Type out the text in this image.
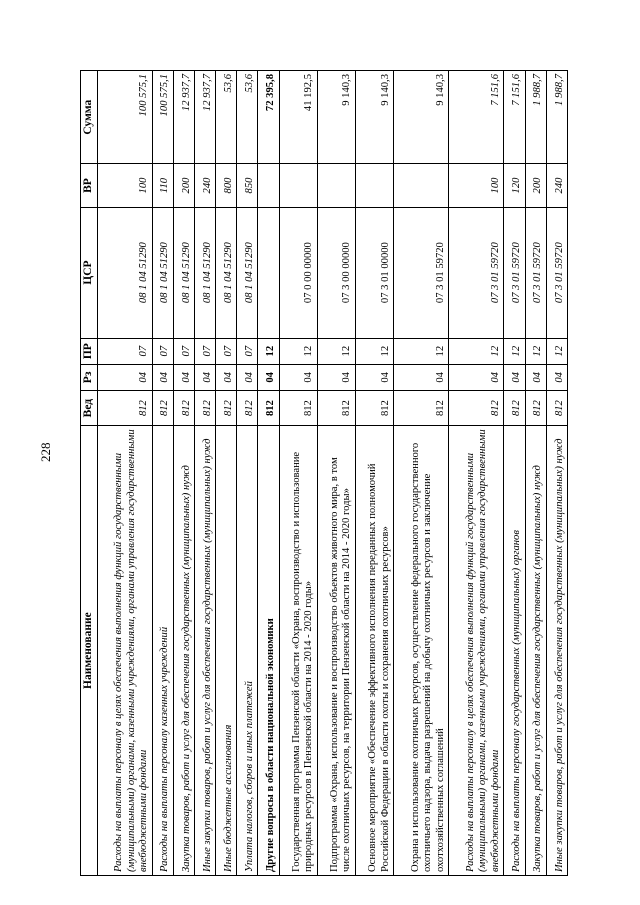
228
Наименование	Вед	Рз	ПР	ЦСР	ВР	Сумма
Расходы на выплаты персоналу в целях обеспечения выполнения функций государственными (муниципальными) органами, казенными учреждениями, органами управления государственными внебюджетными фондами	812	04	07	08 1 04 51290	100	100 575,1
Расходы на выплаты персоналу казенных учреждений	812	04	07	08 1 04 51290	110	100 575,1
Закупка товаров, работ и услуг для обеспечения государственных (муниципальных) нужд	812	04	07	08 1 04 51290	200	12 937,7
Иные закупки товаров, работ и услуг для обеспечения государственных (муниципальных) нужд	812	04	07	08 1 04 51290	240	12 937,7
Иные бюджетные ассигнования	812	04	07	08 1 04 51290	800	53,6
Уплата налогов, сборов и иных платежей	812	04	07	08 1 04 51290	850	53,6
Другие вопросы в области национальной экономики	812	04	12			72 395,8
Государственная программа Пензенской области «Охрана, воспроизводство и использование природных ресурсов в Пензенской области на 2014 - 2020 годы»	812	04	12	07 0 00 00000		41 192,5
Подпрограмма «Охрана, использование и воспроизводство объектов животного мира, в том числе охотничьих ресурсов, на территории Пензенской области на 2014 - 2020 годы»	812	04	12	07 3 00 00000		9 140,3
Основное мероприятие «Обеспечение эффективного исполнения переданных полномочий Российской Федерации в области охоты и сохранения охотничьих ресурсов»	812	04	12	07 3 01 00000		9 140,3
Охрана и использование охотничьих ресурсов, осуществление федерального государственного охотничьего надзора, выдача разрешений на добычу охотничьих ресурсов и заключение охотхозяйственных соглашений	812	04	12	07 3 01 59720		9 140,3
Расходы на выплаты персоналу в целях обеспечения выполнения функций государственными (муниципальными) органами, казенными учреждениями, органами управления государственными внебюджетными фондами	812	04	12	07 3 01 59720	100	7 151,6
Расходы на выплаты персоналу государственных (муниципальных) органов	812	04	12	07 3 01 59720	120	7 151,6
Закупка товаров, работ и услуг для обеспечения государственных (муниципальных) нужд	812	04	12	07 3 01 59720	200	1 988,7
Иные закупки товаров, работ и услуг для обеспечения государственных (муниципальных) нужд	812	04	12	07 3 01 59720	240	1 988,7
